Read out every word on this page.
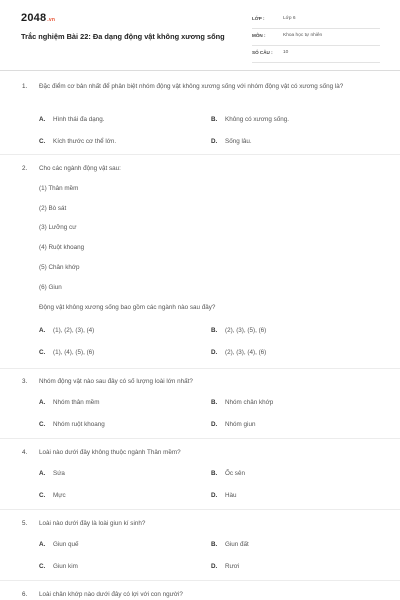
2048.vn
Trắc nghiệm Bài 22: Đa dạng động vật không xương sống
LỚP :	Lớp 6
MÔN :	Khoa học tự nhiên
SỐ CÂU : 10
1. Đặc điểm cơ bản nhất để phân biệt nhóm động vật không xương sống với nhóm động vật có xương sống là?
A. Hình thái đa dạng.	B. Không có xương sống.
C. Kích thước cơ thể lớn.	D. Sống lâu.
2. Cho các ngành động vật sau:
(1) Thân mềm
(2) Bò sát
(3) Lưỡng cư
(4) Ruột khoang
(5) Chân khớp
(6) Giun
Động vật không xương sống bao gồm các ngành nào sau đây?
A. (1), (2), (3), (4)	B. (2), (3), (5), (6)
C. (1), (4), (5), (6)	D. (2), (3), (4), (6)
3. Nhóm động vật nào sau đây có số lượng loài lớn nhất?
A. Nhóm thân mềm	B. Nhóm chân khớp
C. Nhóm ruột khoang	D. Nhóm giun
4. Loài nào dưới đây không thuộc ngành Thân mềm?
A. Sứa	B. Ốc sên
C. Mực	D. Hàu
5. Loài nào dưới đây là loài giun kí sinh?
A. Giun quế	B. Giun đất
C. Giun kim	D. Rươi
6. Loài chân khớp nào dưới đây có lợi với con người?
